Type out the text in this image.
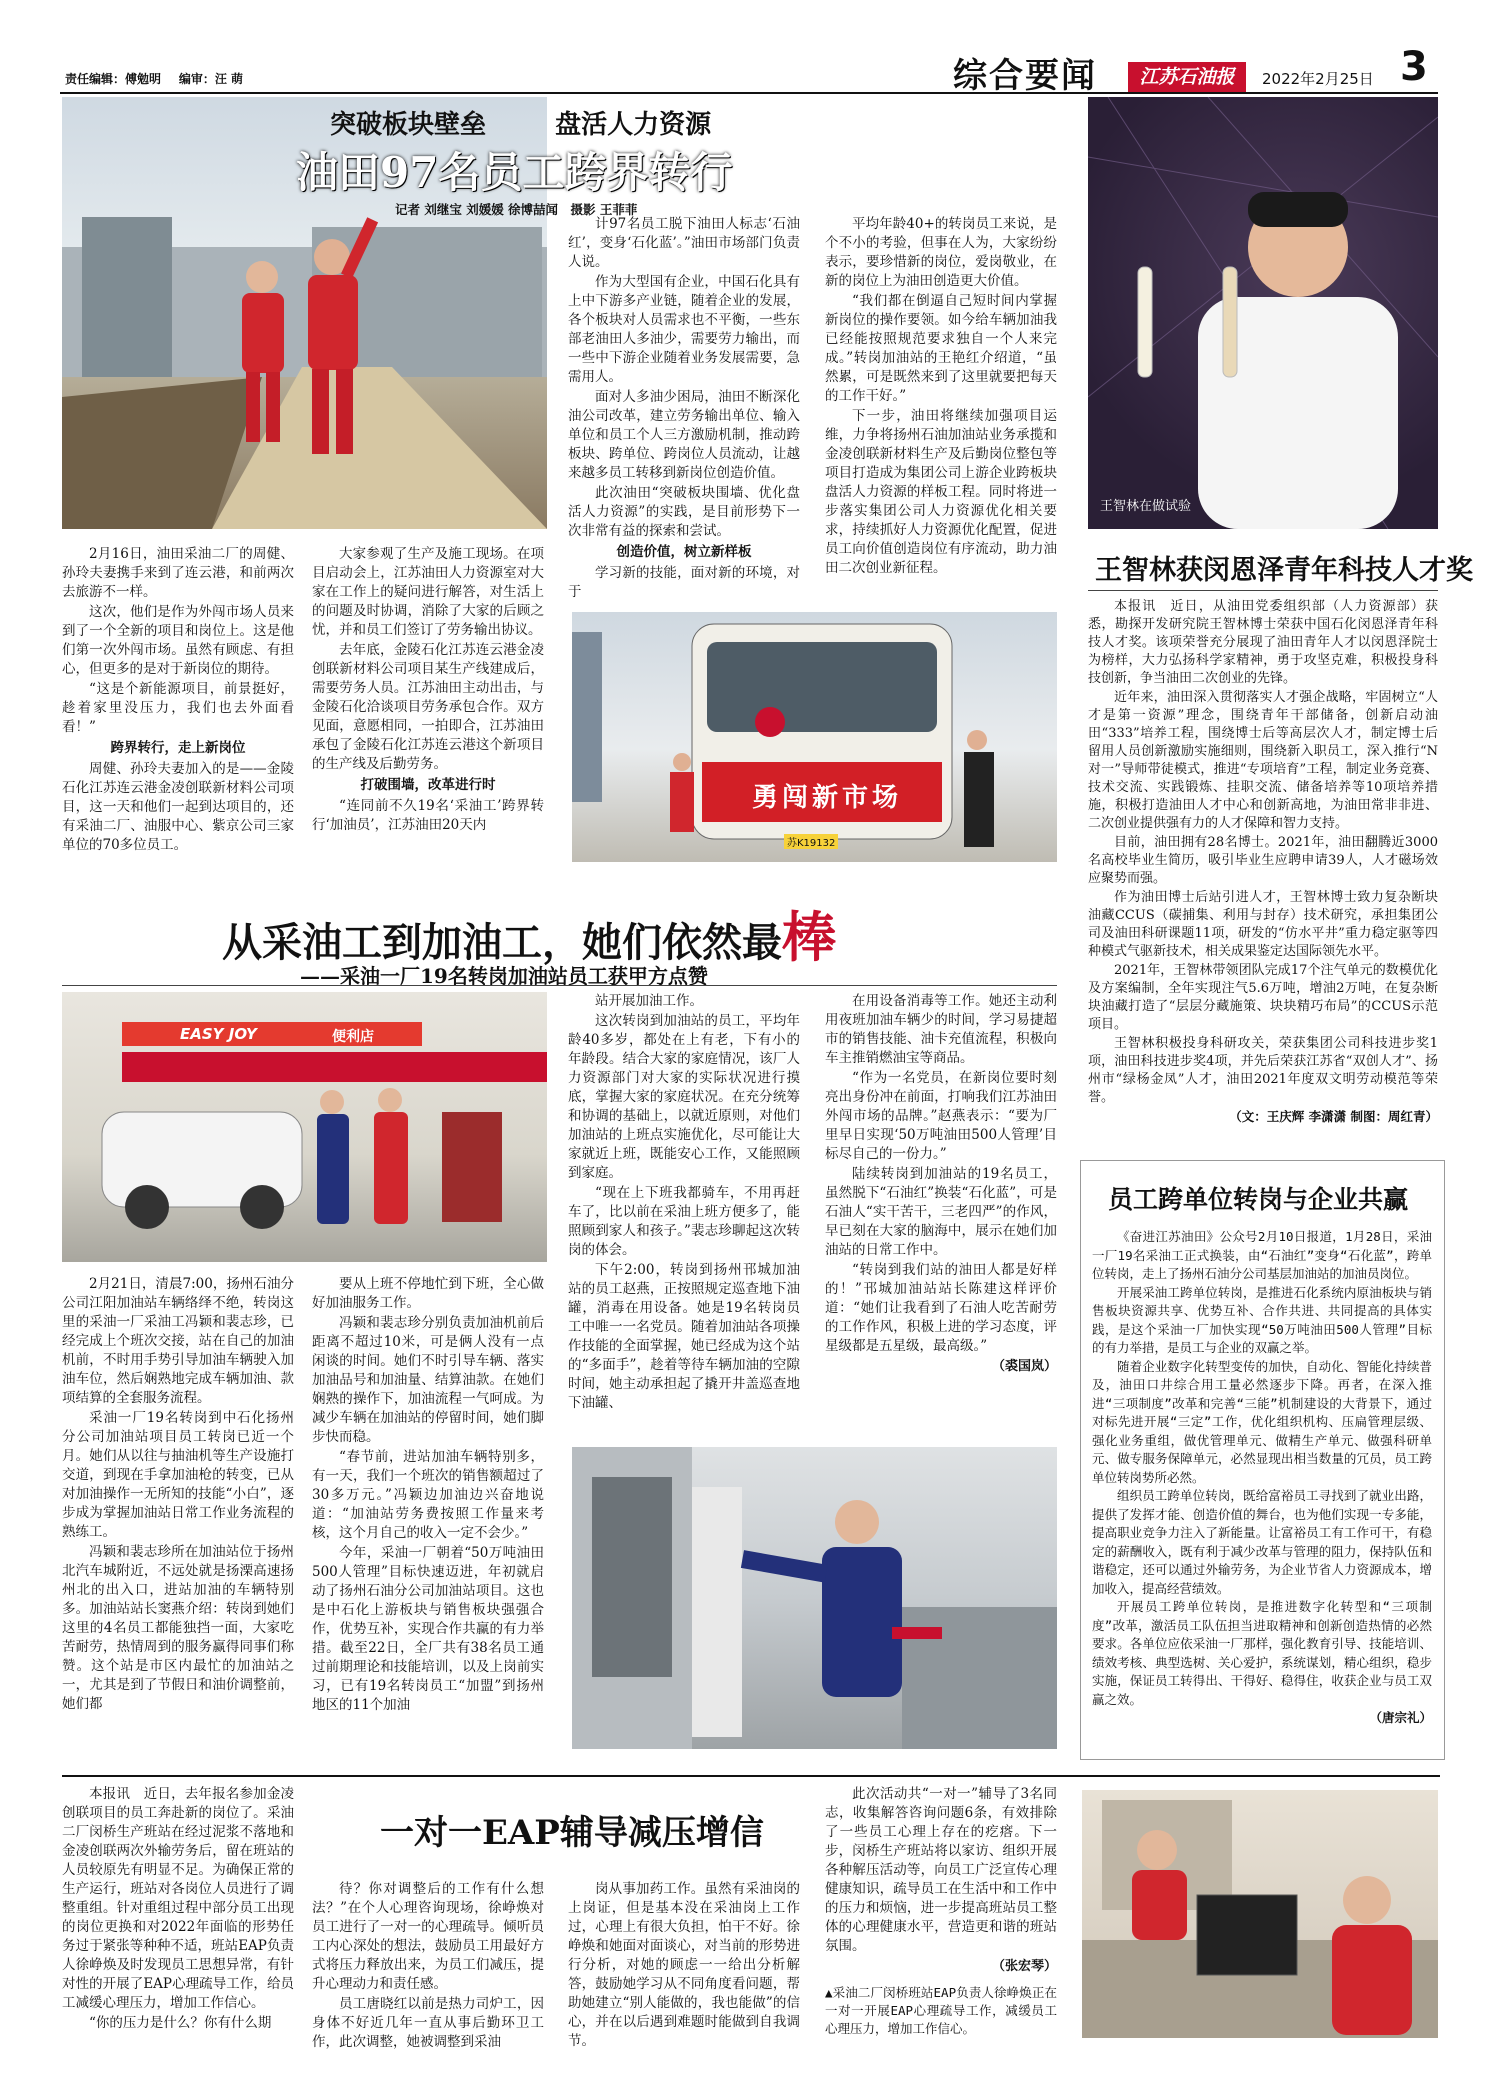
责任编辑：傅勉明 编审：汪 萌	综合要闻	江苏石油报	2022年2月25日 3
突破板块壁垒	盘活人力资源
油田97名员工跨界转行
记者 刘继宝 刘媛媛 徐博喆闻　摄影 王菲菲

2月16日，油田采油二厂的周健、孙玲夫妻携手来到了连云港，和前两次去旅游不一样。

这次，他们是作为外闯市场人员来到了一个全新的项目和岗位上。这是他们第一次外闯市场。虽然有顾虑、有担心，但更多的是对于新岗位的期待。

“这是个新能源项目，前景挺好，趁着家里没压力，我们也去外面看看！”

跨界转行，走上新岗位

周健、孙玲夫妻加入的是——金陵石化江苏连云港金凌创联新材料公司项目，这一天和他们一起到达项目的，还有采油二厂、油服中心、紫京公司三家单位的70多位员工。

大家参观了生产及施工现场。在项目启动会上，江苏油田人力资源室对大家在工作上的疑问进行解答，对生活上的问题及时协调，消除了大家的后顾之忧，并和员工们签订了劳务输出协议。

去年底，金陵石化江苏连云港金凌创联新材料公司项目某生产线建成后，需要劳务人员。江苏油田主动出击，与金陵石化洽谈项目劳务承包合作。双方见面，意愿相同，一拍即合，江苏油田承包了金陵石化江苏连云港这个新项目的生产线及后勤劳务。

打破围墙，改革进行时

“连同前不久19名‘采油工’跨界转行‘加油员’，江苏油田20天内

计97名员工脱下油田人标志‘石油红’，变身‘石化蓝’。”油田市场部门负责人说。

作为大型国有企业，中国石化具有上中下游多产业链，随着企业的发展，各个板块对人员需求也不平衡，一些东部老油田人多油少，需要劳力输出，而一些中下游企业随着业务发展需要，急需用人。

面对人多油少困局，油田不断深化油公司改革，建立劳务输出单位、输入单位和员工个人三方激励机制，推动跨板块、跨单位、跨岗位人员流动，让越来越多员工转移到新岗位创造价值。

此次油田“突破板块围墙、优化盘活人力资源”的实践，是目前形势下一次非常有益的探索和尝试。

创造价值，树立新样板

学习新的技能，面对新的环境，对于

平均年龄40+的转岗员工来说，是个不小的考验，但事在人为，大家纷纷表示，要珍惜新的岗位，爱岗敬业，在新的岗位上为油田创造更大价值。

“我们都在倒逼自己短时间内掌握新岗位的操作要领。如今给车辆加油我已经能按照规范要求独自一个人来完成。”转岗加油站的王艳红介绍道，“虽然累，可是既然来到了这里就要把每天的工作干好。”

下一步，油田将继续加强项目运维，力争将扬州石油加油站业务承揽和金凌创联新材料生产及后勤岗位整包等项目打造成为集团公司上游企业跨板块盘活人力资源的样板工程。同时将进一步落实集团公司人力资源优化相关要求，持续抓好人力资源优化配置，促进员工向价值创造岗位有序流动，助力油田二次创业新征程。

勇闯新市场
苏K19132
从采油工到加油工，她们依然最棒
——采油一厂19名转岗加油站员工获甲方点赞
EASY JOY	便利店

2月21日，清晨7:00，扬州石油分公司江阳加油站车辆络绎不绝，转岗这里的采油一厂采油工冯颖和裴志珍，已经完成上个班次交接，站在自己的加油机前，不时用手势引导加油车辆驶入加油车位，然后娴熟地完成车辆加油、款项结算的全套服务流程。

采油一厂19名转岗到中石化扬州分公司加油站项目员工转岗已近一个月。她们从以往与抽油机等生产设施打交道，到现在手拿加油枪的转变，已从对加油操作一无所知的技能“小白”，逐步成为掌握加油站日常工作业务流程的熟练工。

冯颖和裴志珍所在加油站位于扬州北汽车城附近，不远处就是扬溧高速扬州北的出入口，进站加油的车辆特别多。加油站站长窦燕介绍：转岗到她们这里的4名员工都能独挡一面，大家吃苦耐劳，热情周到的服务赢得同事们称赞。这个站是市区内最忙的加油站之一，尤其是到了节假日和油价调整前，她们都

要从上班不停地忙到下班，全心做好加油服务工作。

冯颖和裴志珍分别负责加油机前后距离不超过10米，可是俩人没有一点闲谈的时间。她们不时引导车辆、落实加油品号和加油量、结算油款。在她们娴熟的操作下，加油流程一气呵成。为减少车辆在加油站的停留时间，她们脚步快而稳。

“春节前，进站加油车辆特别多，有一天，我们一个班次的销售额超过了30多万元。”冯颖边加油边兴奋地说道：“加油站劳务费按照工作量来考核，这个月自己的收入一定不会少。”

今年，采油一厂朝着“50万吨油田500人管理”目标快速迈进，年初就启动了扬州石油分公司加油站项目。这也是中石化上游板块与销售板块强强合作，优势互补，实现合作共赢的有力举措。截至22日，全厂共有38名员工通过前期理论和技能培训，以及上岗前实习，已有19名转岗员工“加盟”到扬州地区的11个加油

站开展加油工作。

这次转岗到加油站的员工，平均年龄40多岁，都处在上有老，下有小的年龄段。结合大家的家庭情况，该厂人力资源部门对大家的实际状况进行摸底，掌握大家的家庭状况。在充分统筹和协调的基础上，以就近原则，对他们加油站的上班点实施优化，尽可能让大家就近上班，既能安心工作，又能照顾到家庭。

“现在上下班我都骑车，不用再赶车了，比以前在采油上班方便多了，能照顾到家人和孩子。”裴志珍聊起这次转岗的体会。

下午2:00，转岗到扬州邗城加油站的员工赵燕，正按照规定巡查地下油罐，消毒在用设备。她是19名转岗员工中唯一一名党员。随着加油站各项操作技能的全面掌握，她已经成为这个站的“多面手”，趁着等待车辆加油的空隙时间，她主动承担起了撬开井盖巡查地下油罐、

在用设备消毒等工作。她还主动利用夜班加油车辆少的时间，学习易捷超市的销售技能、油卡充值流程，积极向车主推销燃油宝等商品。

“作为一名党员，在新岗位要时刻亮出身份冲在前面，打响我们江苏油田外闯市场的品牌。”赵燕表示：“要为厂里早日实现‘50万吨油田500人管理’目标尽自己的一份力。”

陆续转岗到加油站的19名员工，虽然脱下“石油红”换装“石化蓝”，可是石油人“实干苦干，三老四严”的作风，早已刻在大家的脑海中，展示在她们加油站的日常工作中。

“转岗到我们站的油田人都是好样的！”邗城加油站站长陈建这样评价道：“她们让我看到了石油人吃苦耐劳的工作作风，积极上进的学习态度，评星级都是五星级，最高级。”

（裘国岚）
王智林在做试验
王智林获闵恩泽青年科技人才奖

本报讯　近日，从油田党委组织部（人力资源部）获悉，勘探开发研究院王智林博士荣获中国石化闵恩泽青年科技人才奖。该项荣誉充分展现了油田青年人才以闵恩泽院士为榜样，大力弘扬科学家精神，勇于攻坚克难，积极投身科技创新，争当油田二次创业的先锋。

近年来，油田深入贯彻落实人才强企战略，牢固树立“人才是第一资源”理念，围绕青年干部储备，创新启动油田“333”培养工程，围绕博士后等高层次人才，制定博士后留用人员创新激励实施细则，围绕新入职员工，深入推行“N对一”导师带徒模式，推进“专项培育”工程，制定业务竞赛、技术交流、实践锻炼、挂职交流、储备培养等10项培养措施，积极打造油田人才中心和创新高地，为油田常非非进、二次创业提供强有力的人才保障和智力支持。

目前，油田拥有28名博士。2021年，油田翻腾近3000名高校毕业生简历，吸引毕业生应聘申请39人，人才磁场效应聚势而强。

作为油田博士后站引进人才，王智林博士致力复杂断块油藏CCUS（碳捕集、利用与封存）技术研究，承担集团公司及油田科研课题11项，研发的“仿水平井”重力稳定驱等四种模式气驱新技术，相关成果鉴定达国际领先水平。

2021年，王智林带领团队完成17个注气单元的数模优化及方案编制，全年实现注气5.6万吨，增油2万吨，在复杂断块油藏打造了“层层分藏施策、块块精巧布局”的CCUS示范项目。

王智林积极投身科研攻关，荣获集团公司科技进步奖1项，油田科技进步奖4项，并先后荣获江苏省“双创人才”、扬州市“绿杨金凤”人才，油田2021年度双文明劳动模范等荣誉。

（文：王庆辉 李潇潇 制图：周红青）
员工跨单位转岗与企业共赢

《奋进江苏油田》公众号2月10日报道，1月28日，采油一厂19名采油工正式换装，由“石油红”变身“石化蓝”，跨单位转岗，走上了扬州石油分公司基层加油站的加油员岗位。

开展采油工跨单位转岗，是推进石化系统内原油板块与销售板块资源共享、优势互补、合作共进、共同提高的具体实践，是这个采油一厂加快实现“50万吨油田500人管理”目标的有力举措，是员工与企业的双赢之举。

随着企业数字化转型变传的加快，自动化、智能化持续普及，油田口井综合用工量必然逐步下降。再者，在深入推进“三项制度”改革和完善“三能”机制建设的大背景下，通过对标先进开展“三定”工作，优化组织机构、压扁管理层级、强化业务重组，做优管理单元、做精生产单元、做强科研单元、做专服务保障单元，必然显现出相当数量的冗员，员工跨单位转岗势所必然。

组织员工跨单位转岗，既给富裕员工寻找到了就业出路，提供了发挥才能、创造价值的舞台，也为他们实现一专多能，提高职业竞争力注入了新能量。让富裕员工有工作可干，有稳定的薪酬收入，既有利于减少改革与管理的阻力，保持队伍和谐稳定，还可以通过外输劳务，为企业节省人力资源成本，增加收入，提高经营绩效。

开展员工跨单位转岗，是推进数字化转型和“三项制度”改革，激活员工队伍担当进取精神和创新创造热情的必然要求。各单位应依采油一厂那样，强化教育引导、技能培训、绩效考核、典型选树、关心爱护，系统谋划，精心组织，稳步实施，保证员工转得出、干得好、稳得住，收获企业与员工双赢之效。

（唐宗礼）

本报讯　近日，去年报名参加金凌创联项目的员工奔赴新的岗位了。采油二厂闵桥生产班站在经过泥浆不落地和金凌创联两次外输劳务后，留在班站的人员较原先有明显不足。为确保正常的生产运行，班站对各岗位人员进行了调整重组。针对重组过程中部分员工出现的岗位更换和对2022年面临的形势任务过于紧张等种种不适，班站EAP负责人徐峥焕及时发现员工思想异常，有针对性的开展了EAP心理疏导工作，给员工减缓心理压力，增加工作信心。

“你的压力是什么？你有什么期

一对一EAP辅导减压增信

待？你对调整后的工作有什么想法？”在个人心理咨询现场，徐峥焕对员工进行了一对一的心理疏导。倾听员工内心深处的想法，鼓励员工用最好方式将压力释放出来，为员工们减压，提升心理动力和责任感。

员工唐晓红以前是热力司炉工，因身体不好近几年一直从事后勤环卫工作，此次调整，她被调整到采油

岗从事加药工作。虽然有采油岗的上岗证，但是基本没在采油岗上工作过，心理上有很大负担，怕干不好。徐峥焕和她面对面谈心，对当前的形势进行分析，对她的顾虑一一给出分析解答，鼓励她学习从不同角度看问题，帮助她建立“别人能做的，我也能做”的信心，并在以后遇到难题时能做到自我调节。

此次活动共“一对一”辅导了3名同志，收集解答咨询问题6条，有效排除了一些员工心理上存在的疙瘩。下一步，闵桥生产班站将以家访、组织开展各种解压活动等，向员工广泛宣传心理健康知识，疏导员工在生活中和工作中的压力和烦恼，进一步提高班站员工整体的心理健康水平，营造更和谐的班站氛围。

（张宏琴）
▲采油二厂闵桥班站EAP负责人徐峥焕正在一对一开展EAP心理疏导工作，减缓员工心理压力，增加工作信心。
